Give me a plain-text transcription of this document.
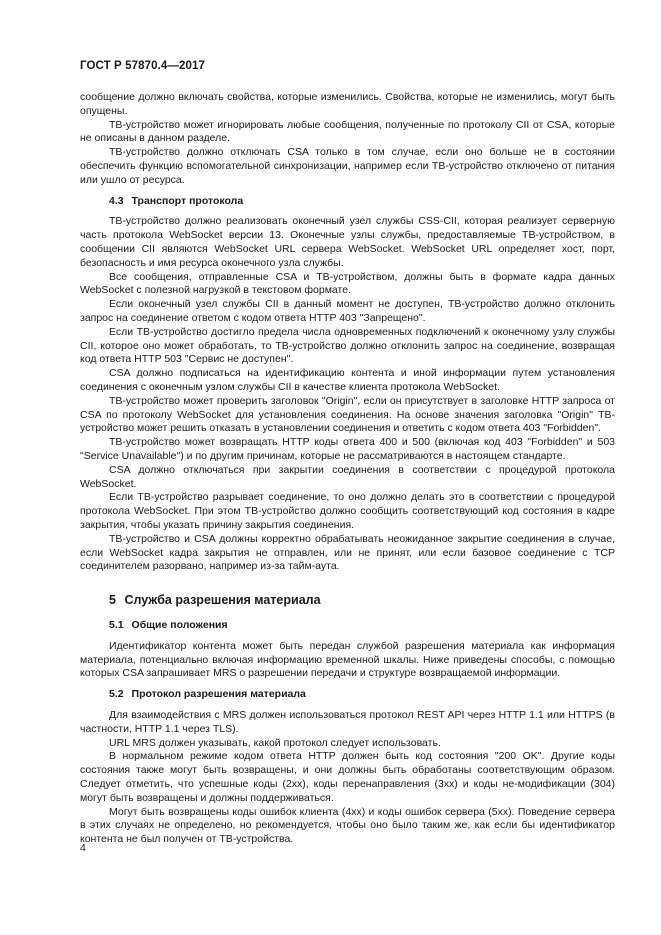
ГОСТ Р 57870.4—2017

сообщение должно включать свойства, которые изменились. Свойства, которые не изменились, могут быть опущены.

ТВ-устройство может игнорировать любые сообщения, полученные по протоколу CII от CSA, которые не описаны в данном разделе.

ТВ-устройство должно отключать CSA только в том случае, если оно больше не в состоянии обеспечить функцию вспомогательной синхронизации, например если ТВ-устройство отключено от питания или ушло от ресурса.

4.3 Транспорт протокола

ТВ-устройство должно реализовать оконечный узел службы CSS-CII, которая реализует серверную часть протокола WebSocket версии 13. Оконечные узлы службы, предоставляемые ТВ-устройством, в сообщении CII являются WebSocket URL сервера WebSocket. WebSocket URL определяет хост, порт, безопасность и имя ресурса оконечного узла службы.

Все сообщения, отправленные CSA и ТВ-устройством, должны быть в формате кадра данных WebSocket с полезной нагрузкой в текстовом формате.

Если оконечный узел службы CII в данный момент не доступен, ТВ-устройство должно отклонить запрос на соединение ответом с кодом ответа HTTP 403 "Запрещено".

Если ТВ-устройство достигло предела числа одновременных подключений к оконечному узлу службы CII, которое оно может обработать, то ТВ-устройство должно отклонить запрос на соединение, возвращая код ответа HTTP 503 "Сервис не доступен".

CSA должно подписаться на идентификацию контента и иной информации путем установления соединения с оконечным узлом службы CII в качестве клиента протокола WebSocket.

ТВ-устройство может проверить заголовок "Origin", если он присутствует в заголовке HTTP запроса от CSA по протоколу WebSocket для установления соединения. На основе значения заголовка "Origin" ТВ-устройство может решить отказать в установлении соединения и ответить с кодом ответа 403 "Forbidden".

ТВ-устройство может возвращать HTTP коды ответа 400 и 500 (включая код 403 "Forbidden" и 503 "Service Unavailable") и по другим причинам, которые не рассматриваются в настоящем стандарте.

CSA должно отключаться при закрытии соединения в соответствии с процедурой протокола WebSocket.

Если ТВ-устройство разрывает соединение, то оно должно делать это в соответствии с процедурой протокола WebSocket. При этом ТВ-устройство должно сообщить соответствующий код состояния в кадре закрытия, чтобы указать причину закрытия соединения.

ТВ-устройство и CSA должны корректно обрабатывать неожиданное закрытие соединения в случае, если WebSocket кадра закрытия не отправлен, или не принят, или если базовое соединение с TCP соединителем разорвано, например из-за тайм-аута.

5 Служба разрешения материала
5.1 Общие положения

Идентификатор контента может быть передан службой разрешения материала как информация материала, потенциально включая информацию временной шкалы. Ниже приведены способы, с помощью которых CSA запрашивает MRS о разрешении передачи и структуре возвращаемой информации.

5.2 Протокол разрешения материала

Для взаимодействия с MRS должен использоваться протокол REST API через HTTP 1.1 или HTTPS (в частности, HTTP 1.1 через TLS).

URL MRS должен указывать, какой протокол следует использовать.

В нормальном режиме кодом ответа HTTP должен быть код состояния "200 OK". Другие коды состояния также могут быть возвращены, и они должны быть обработаны соответствующим образом. Следует отметить, что успешные коды (2xx), коды перенаправления (3xx) и коды не-модификации (304) могут быть возвращены и должны поддерживаться.

Могут быть возвращены коды ошибок клиента (4xx) и коды ошибок сервера (5xx). Поведение сервера в этих случаях не определено, но рекомендуется, чтобы оно было таким же, как если бы идентификатор контента не был получен от ТВ-устройства.

4
